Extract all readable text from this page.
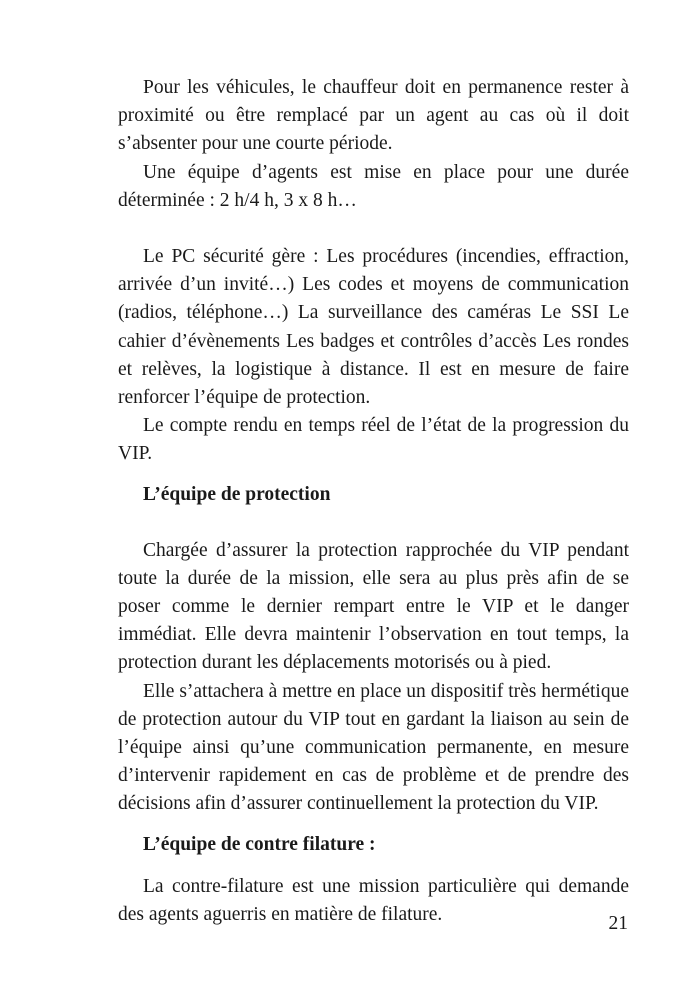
Pour les véhicules, le chauffeur doit en permanence rester à proximité ou être remplacé par un agent au cas où il doit s’absenter pour une courte période.

Une équipe d’agents est mise en place pour une durée déterminée : 2 h/4 h, 3 x 8 h…

Le PC sécurité gère : Les procédures (incendies, effraction, arrivée d’un invité…) Les codes et moyens de communication (radios, téléphone…) La surveillance des caméras Le SSI Le cahier d’évènements Les badges et contrôles d’accès Les rondes et relèves, la logistique à distance. Il est en mesure de faire renforcer l’équipe de protection.

Le compte rendu en temps réel de l’état de la progression du VIP.

L’équipe de protection

Chargée d’assurer la protection rapprochée du VIP pendant toute la durée de la mission, elle sera au plus près afin de se poser comme le dernier rempart entre le VIP et le danger immédiat. Elle devra maintenir l’observation en tout temps, la protection durant les déplacements motorisés ou à pied.

Elle s’attachera à mettre en place un dispositif très hermétique de protection autour du VIP tout en gardant la liaison au sein de l’équipe ainsi qu’une communication permanente, en mesure d’intervenir rapidement en cas de problème et de prendre des décisions afin d’assurer continuellement la protection du VIP.

L’équipe de contre filature :

La contre-filature est une mission particulière qui demande des agents aguerris en matière de filature.	21
